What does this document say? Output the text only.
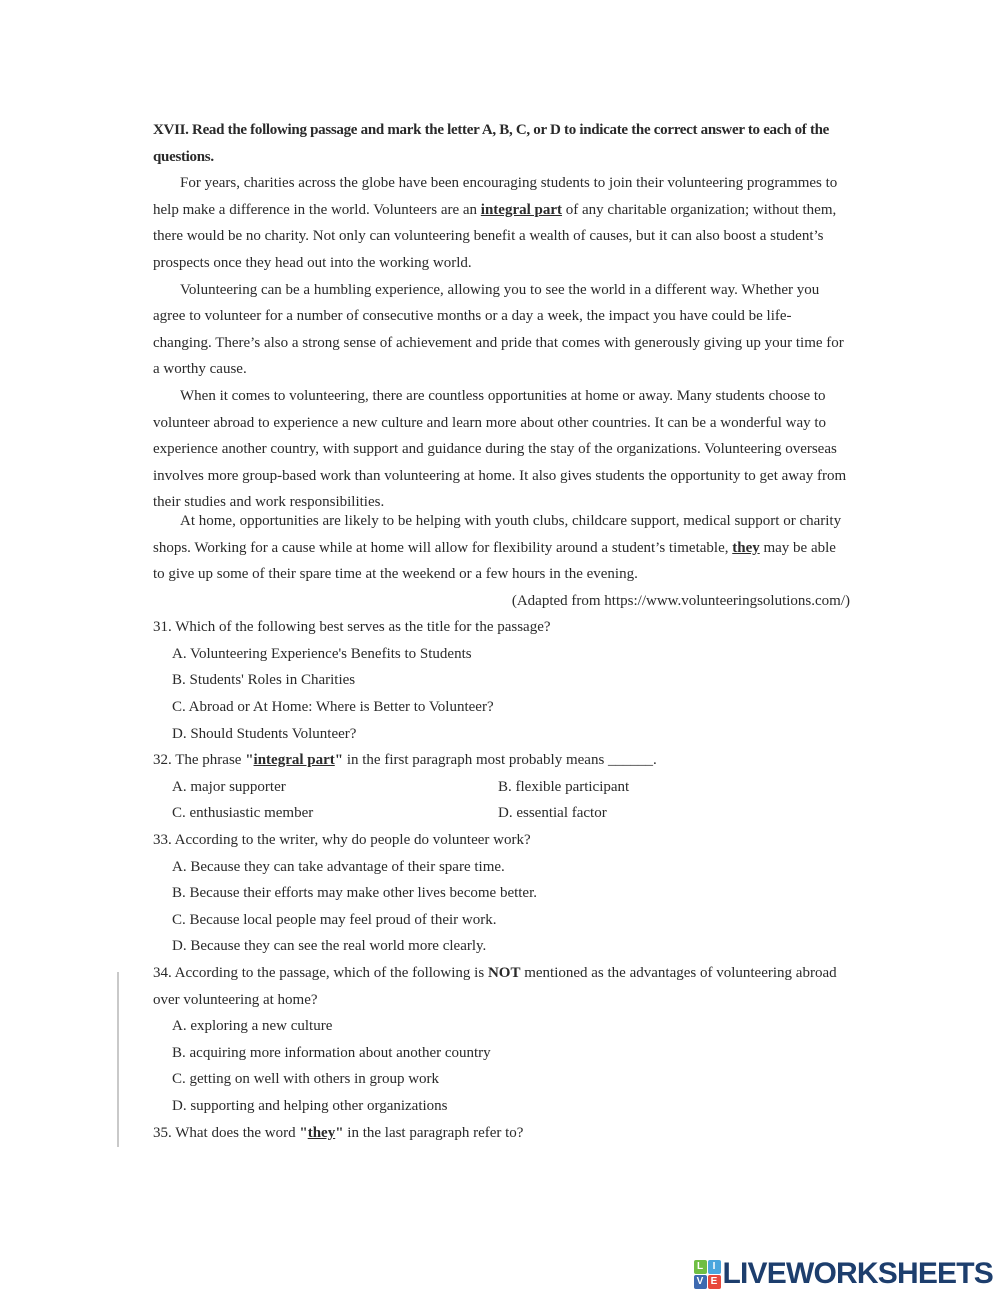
XVII. Read the following passage and mark the letter A, B, C, or D to indicate the correct answer to each of the questions.
For years, charities across the globe have been encouraging students to join their volunteering programmes to help make a difference in the world. Volunteers are an integral part of any charitable organization; without them, there would be no charity. Not only can volunteering benefit a wealth of causes, but it can also boost a student’s prospects once they head out into the working world.
Volunteering can be a humbling experience, allowing you to see the world in a different way. Whether you agree to volunteer for a number of consecutive months or a day a week, the impact you have could be life-changing. There’s also a strong sense of achievement and pride that comes with generously giving up your time for a worthy cause.
When it comes to volunteering, there are countless opportunities at home or away. Many students choose to volunteer abroad to experience a new culture and learn more about other countries. It can be a wonderful way to experience another country, with support and guidance during the stay of the organizations. Volunteering overseas involves more group-based work than volunteering at home. It also gives students the opportunity to get away from their studies and work responsibilities.
At home, opportunities are likely to be helping with youth clubs, childcare support, medical support or charity shops. Working for a cause while at home will allow for flexibility around a student’s timetable, they may be able to give up some of their spare time at the weekend or a few hours in the evening.
(Adapted from https://www.volunteeringsolutions.com/)
31. Which of the following best serves as the title for the passage?
A. Volunteering Experience's Benefits to Students
B. Students' Roles in Charities
C. Abroad or At Home: Where is Better to Volunteer?
D. Should Students Volunteer?
32. The phrase "integral part" in the first paragraph most probably means ______.
A. major supporter	B. flexible participant
C. enthusiastic member	D. essential factor
33. According to the writer, why do people do volunteer work?
A. Because they can take advantage of their spare time.
B. Because their efforts may make other lives become better.
C. Because local people may feel proud of their work.
D. Because they can see the real world more clearly.
34. According to the passage, which of the following is NOT mentioned as the advantages of volunteering abroad over volunteering at home?
A. exploring a new culture
B. acquiring more information about another country
C. getting on well with others in group work
D. supporting and helping other organizations
35. What does the word "they" in the last paragraph refer to?
L I
V E LIVEWORKSHEETS
